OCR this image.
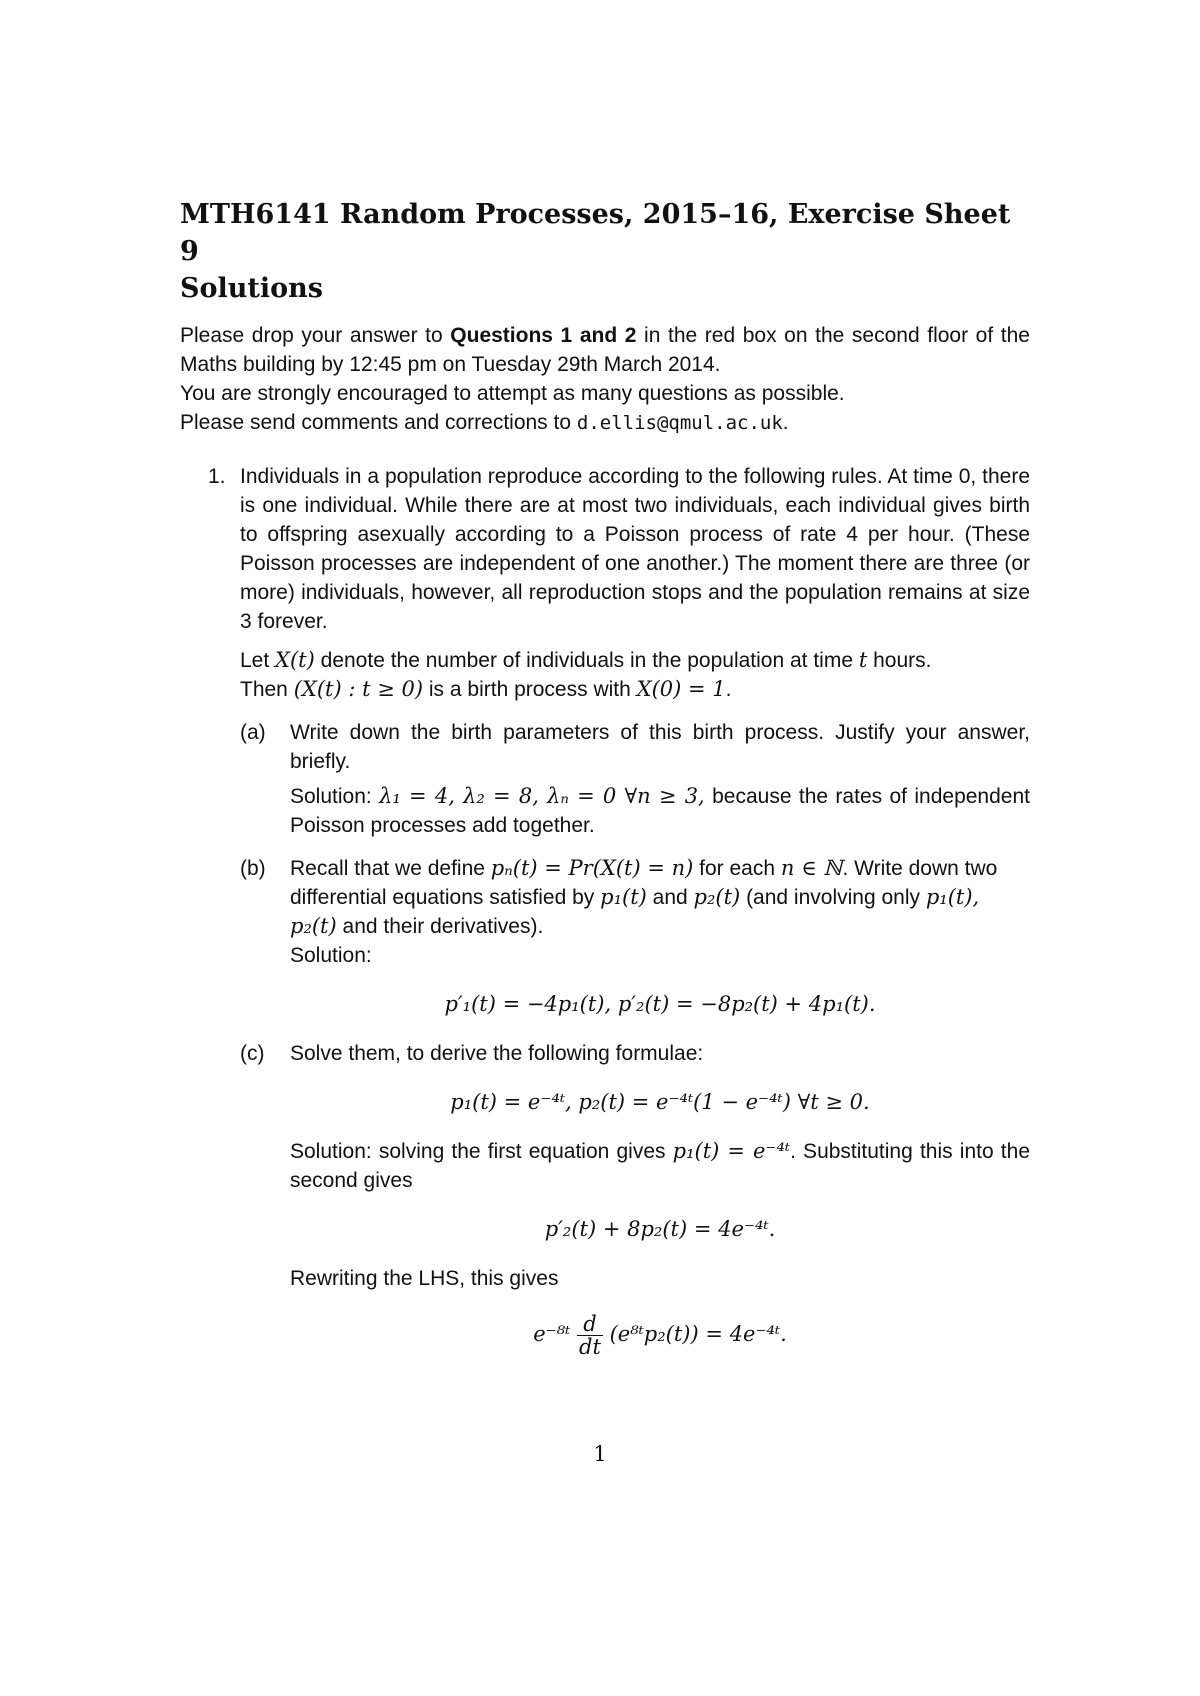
MTH6141 Random Processes, 2015–16, Exercise Sheet 9
Solutions

Please drop your answer to Questions 1 and 2 in the red box on the second floor of the Maths building by 12:45 pm on Tuesday 29th March 2014.

You are strongly encouraged to attempt as many questions as possible.

Please send comments and corrections to d.ellis@qmul.ac.uk.

1. Individuals in a population reproduce according to the following rules. At time 0, there is one individual. While there are at most two individuals, each individual gives birth to offspring asexually according to a Poisson process of rate 4 per hour. (These Poisson processes are independent of one another.) The moment there are three (or more) individuals, however, all reproduction stops and the population remains at size 3 forever.

Let X(t) denote the number of individuals in the population at time t hours.
Then (X(t) : t ≥ 0) is a birth process with X(0) = 1.

(a) Write down the birth parameters of this birth process. Justify your answer, briefly.

Solution: λ₁ = 4, λ₂ = 8, λₙ = 0 ∀n ≥ 3, because the rates of independent Poisson processes add together.

(b) Recall that we define pₙ(t) = Pr(X(t) = n) for each n ∈ ℕ. Write down two differential equations satisfied by p₁(t) and p₂(t) (and involving only p₁(t), p₂(t) and their derivatives).

Solution:

p′₁(t) = −4p₁(t), p′₂(t) = −8p₂(t) + 4p₁(t).
(c) Solve them, to derive the following formulae:

p₁(t) = e⁻⁴ᵗ, p₂(t) = e⁻⁴ᵗ(1 − e⁻⁴ᵗ) ∀t ≥ 0.

Solution: solving the first equation gives p₁(t) = e⁻⁴ᵗ. Substituting this into the second gives

p′₂(t) + 8p₂(t) = 4e⁻⁴ᵗ.

Rewriting the LHS, this gives

e⁻⁸ᵗ $\frac{d}{dt}$ (e⁸ᵗp₂(t)) = 4e⁻⁴ᵗ.
1
